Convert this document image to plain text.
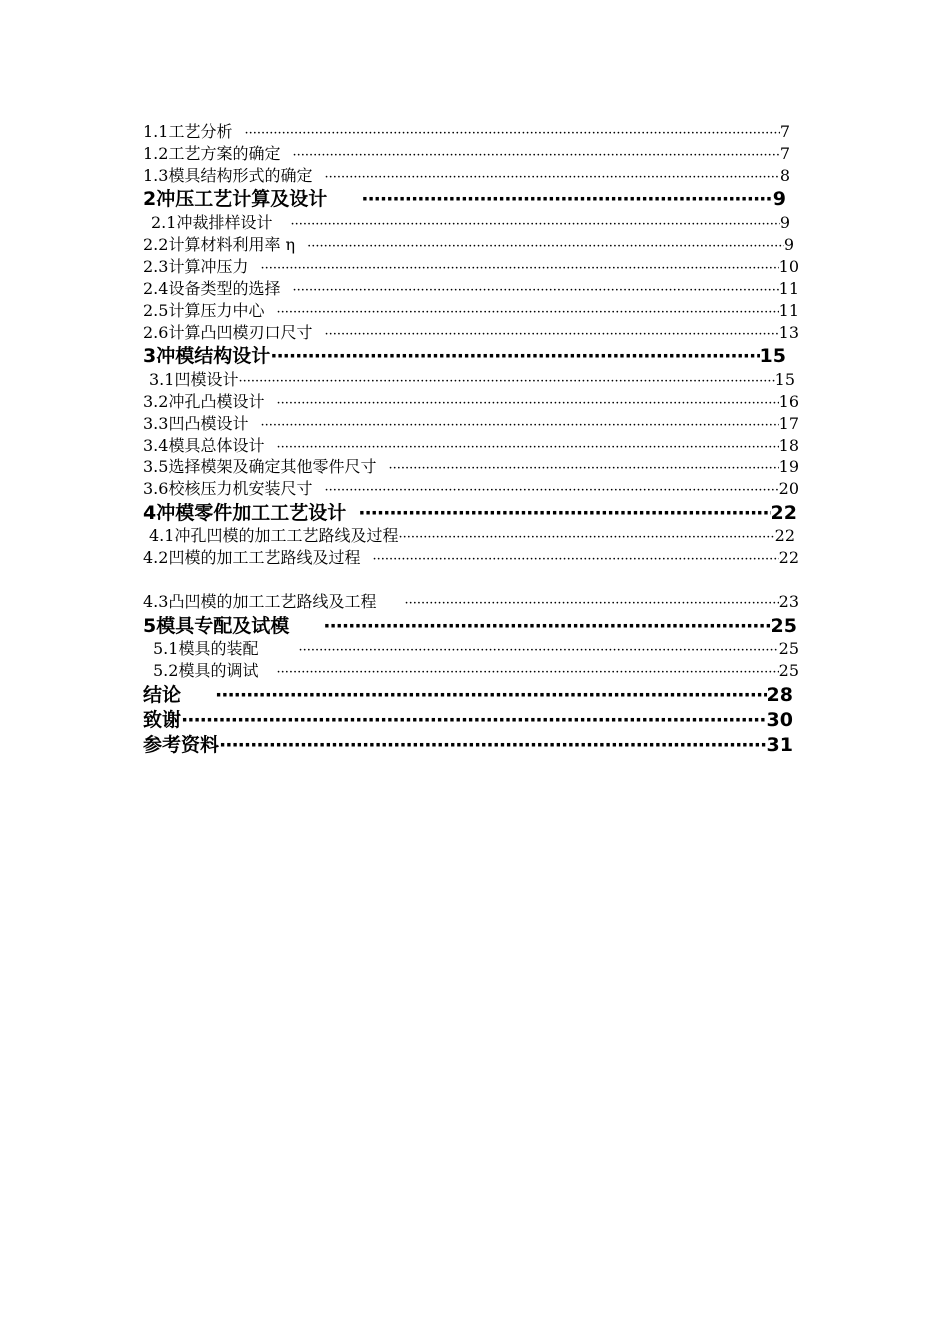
1.1工艺分析 ·····	7
1.2工艺方案的确定 ·····	7
1.3模具结构形式的确定 ·····	8
2冲压工艺计算及设计 ·····	9
2.1冲裁排样设计 ·····	9
2.2计算材料利用率 η ·····	9
2.3计算冲压力 ·····	10
2.4设备类型的选择 ·····	11
2.5计算压力中心 ·····	11
2.6计算凸凹模刃口尺寸 ·····	13
3冲模结构设计 ·····	15
3.1凹模设计 ·····	15
3.2冲孔凸模设计 ·····	16
3.3凹凸模设计 ·····	17
3.4模具总体设计 ·····	18
3.5选择模架及确定其他零件尺寸 ·····	19
3.6校核压力机安装尺寸 ·····	20
4冲模零件加工工艺设计 ·····	22
4.1冲孔凹模的加工工艺路线及过程 ·····	22
4.2凹模的加工工艺路线及过程 ·····	22
4.3凸凹模的加工工艺路线及工程 ·····	23
5模具专配及试模 ·····	25
5.1模具的装配 ·····	25
5.2模具的调试 ·····	25
结论 ·····	28
致谢 ·····	30
参考资料 ·····	31
